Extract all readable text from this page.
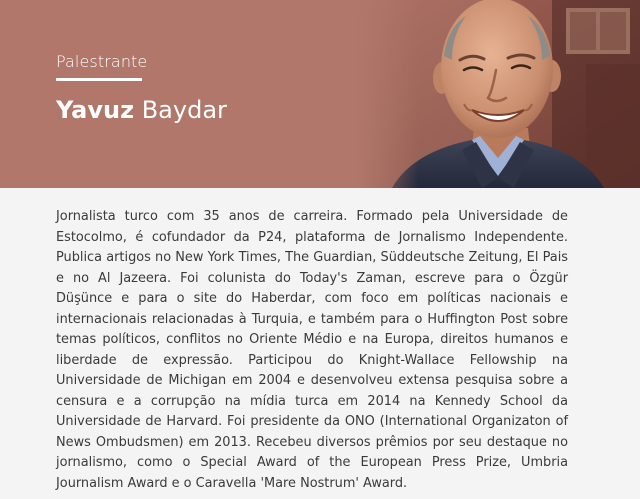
Palestrante
Yavuz Baydar

Jornalista turco com 35 anos de carreira. Formado pela Universidade de Estocolmo, é cofundador da P24, plataforma de Jornalismo Independente. Publica artigos no New York Times, The Guardian, Süddeutsche Zeitung, El Pais e no Al Jazeera. Foi colunista do Today's Zaman, escreve para o Özgür Düşünce e para o site do Haberdar, com foco em políticas nacionais e internacionais relacionadas à Turquia, e também para o Huffington Post sobre temas políticos, conflitos no Oriente Médio e na Europa, direitos humanos e liberdade de expressão. Participou do Knight-Wallace Fellowship na Universidade de Michigan em 2004 e desenvolveu extensa pesquisa sobre a censura e a corrupção na mídia turca em 2014 na Kennedy School da Universidade de Harvard. Foi presidente da ONO (International Organizaton of News Ombudsmen) em 2013. Recebeu diversos prêmios por seu destaque no jornalismo, como o Special Award of the European Press Prize, Umbria Journalism Award e o Caravella 'Mare Nostrum' Award.
